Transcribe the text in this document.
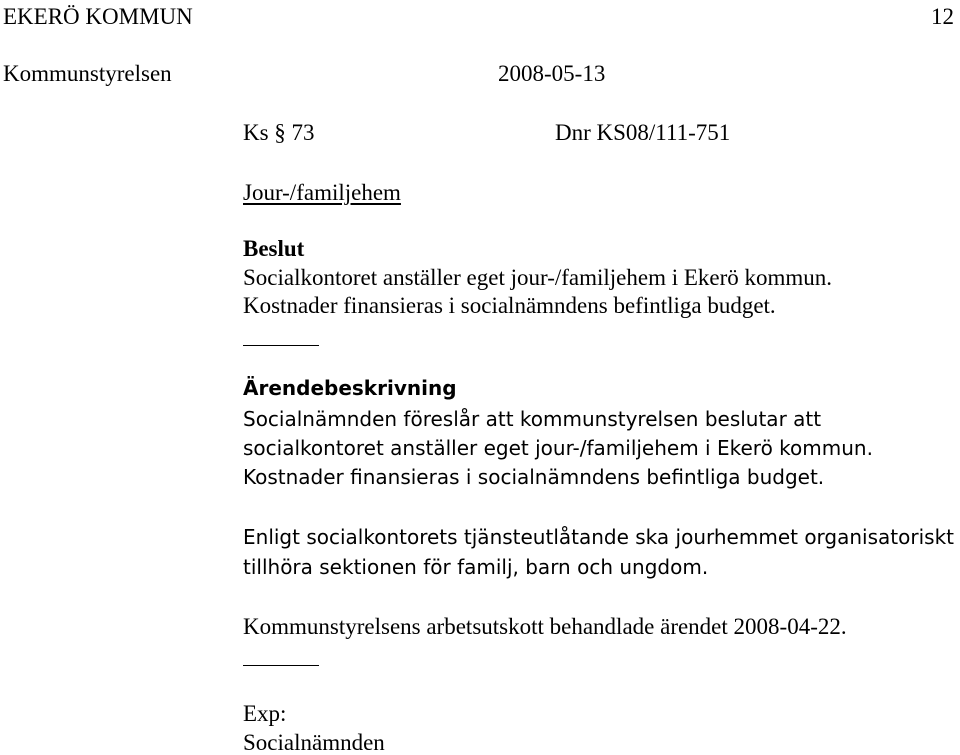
EKERÖ KOMMUN	12
Kommunstyrelsen	2008-05-13
Ks § 73	Dnr KS08/111-751
Jour-/familjehem
Beslut
Socialkontoret anställer eget jour-/familjehem i Ekerö kommun.
Kostnader finansieras i socialnämndens befintliga budget.
Ärendebeskrivning
Socialnämnden föreslår att kommunstyrelsen beslutar att
socialkontoret anställer eget jour-/familjehem i Ekerö kommun.
Kostnader finansieras i socialnämndens befintliga budget.
Enligt socialkontorets tjänsteutlåtande ska jourhemmet organisatoriskt
tillhöra sektionen för familj, barn och ungdom.
Kommunstyrelsens arbetsutskott behandlade ärendet 2008-04-22.
Exp:
Socialnämnden
